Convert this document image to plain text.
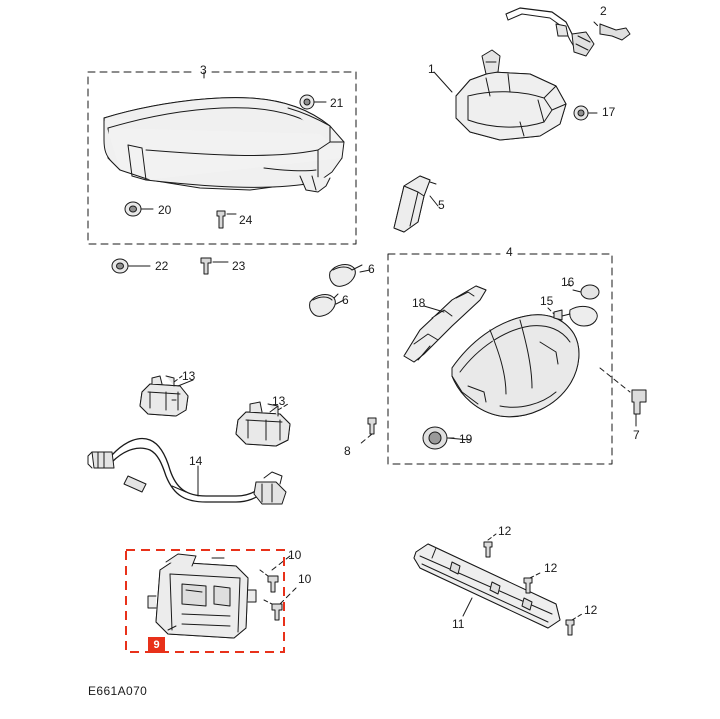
1
2
3
4
5
6
6
7
8
10
10
11
12
12
12
13
13
14
15
16
17
18
19
20
21
22	23
24
9
E661A070
